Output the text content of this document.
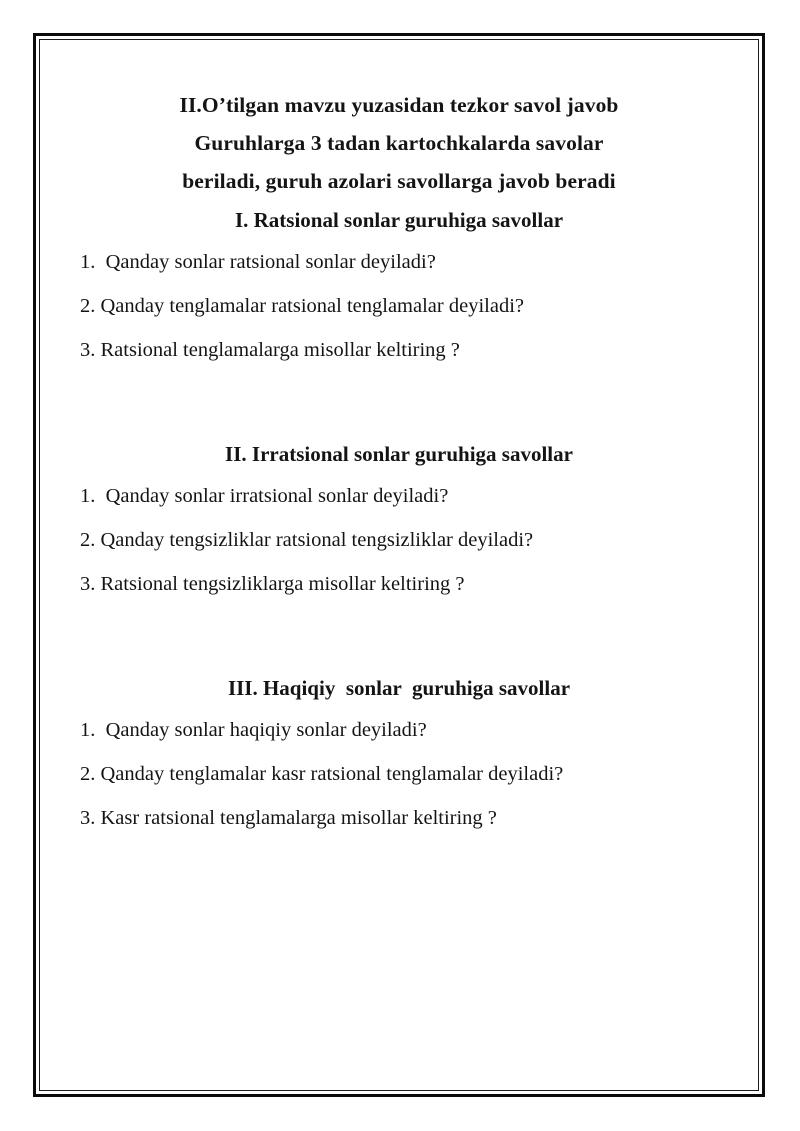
II.O’tilgan mavzu yuzasidan tezkor savol javob
Guruhlarga 3 tadan kartochkalarda savolar
beriladi, guruh azolari savollarga javob beradi
I. Ratsional sonlar guruhiga savollar
1.  Qanday sonlar ratsional sonlar deyiladi?
2. Qanday tenglamalar ratsional tenglamalar deyiladi?
3. Ratsional tenglamalarga misollar keltiring ?
II. Irratsional sonlar guruhiga savollar
1.  Qanday sonlar irratsional sonlar deyiladi?
2. Qanday tengsizliklar ratsional tengsizliklar deyiladi?
3. Ratsional tengsizliklarga misollar keltiring ?
III. Haqiqiy  sonlar  guruhiga savollar
1.  Qanday sonlar haqiqiy sonlar deyiladi?
2. Qanday tenglamalar kasr ratsional tenglamalar deyiladi?
3. Kasr ratsional tenglamalarga misollar keltiring ?
